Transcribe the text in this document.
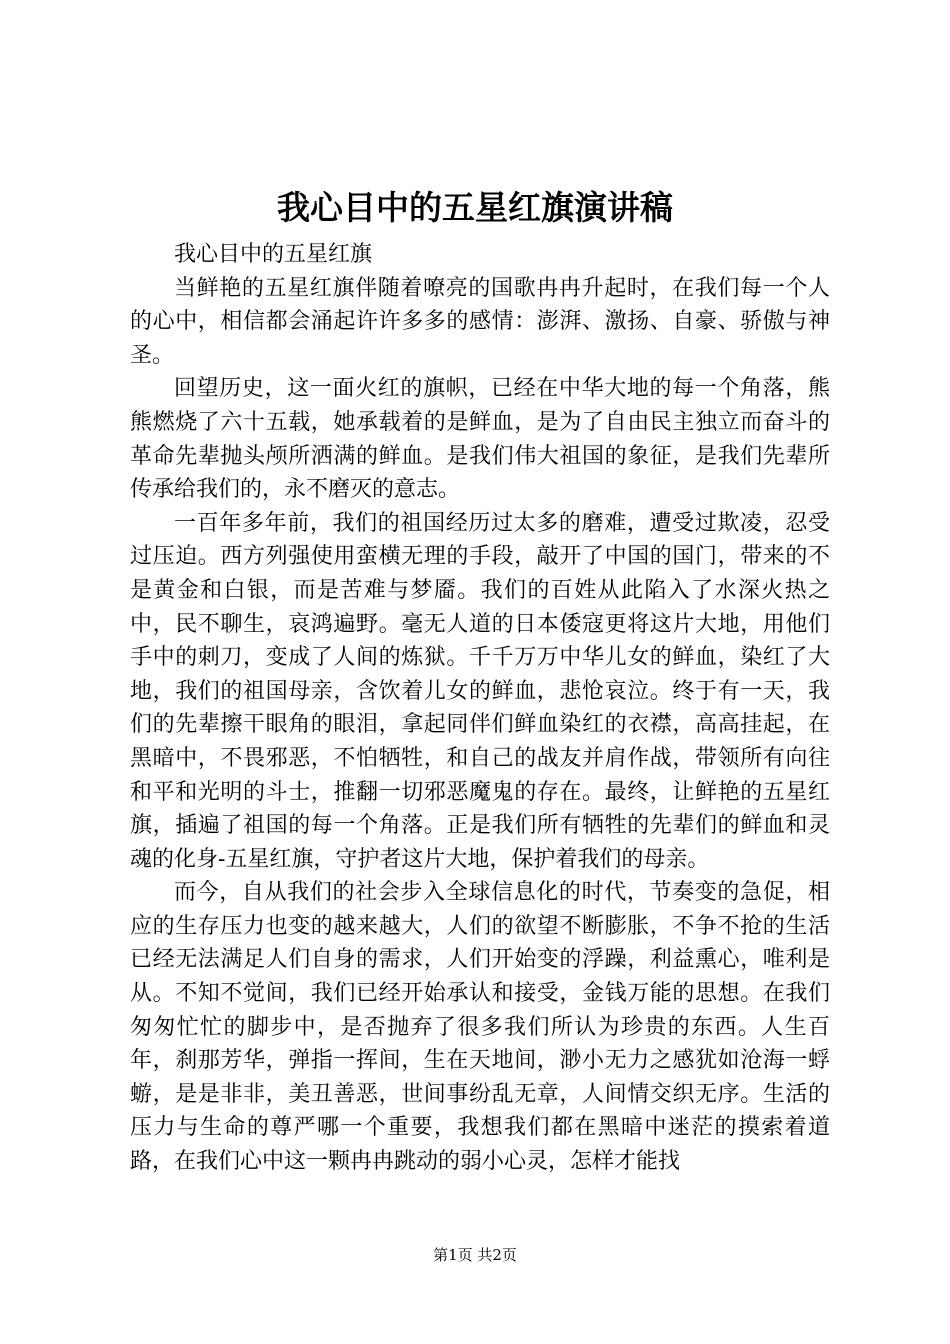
我心目中的五星红旗演讲稿

我心目中的五星红旗

当鲜艳的五星红旗伴随着嘹亮的国歌冉冉升起时，在我们每一个人的心中，相信都会涌起许许多多的感情：澎湃、激扬、自豪、骄傲与神圣。

回望历史，这一面火红的旗帜，已经在中华大地的每一个角落，熊熊燃烧了六十五载，她承载着的是鲜血，是为了自由民主独立而奋斗的革命先辈抛头颅所洒满的鲜血。是我们伟大祖国的象征，是我们先辈所传承给我们的，永不磨灭的意志。

一百年多年前，我们的祖国经历过太多的磨难，遭受过欺凌，忍受过压迫。西方列强使用蛮横无理的手段，敲开了中国的国门，带来的不是黄金和白银，而是苦难与梦靥。我们的百姓从此陷入了水深火热之中，民不聊生，哀鸿遍野。毫无人道的日本倭寇更将这片大地，用他们手中的刺刀，变成了人间的炼狱。千千万万中华儿女的鲜血，染红了大地，我们的祖国母亲，含饮着儿女的鲜血，悲怆哀泣。终于有一天，我们的先辈擦干眼角的眼泪，拿起同伴们鲜血染红的衣襟，高高挂起，在黑暗中，不畏邪恶，不怕牺牲，和自己的战友并肩作战，带领所有向往和平和光明的斗士，推翻一切邪恶魔鬼的存在。最终，让鲜艳的五星红旗，插遍了祖国的每一个角落。正是我们所有牺牲的先辈们的鲜血和灵魂的化身-五星红旗，守护者这片大地，保护着我们的母亲。

而今，自从我们的社会步入全球信息化的时代，节奏变的急促，相应的生存压力也变的越来越大，人们的欲望不断膨胀，不争不抢的生活已经无法满足人们自身的需求，人们开始变的浮躁，利益熏心，唯利是从。不知不觉间，我们已经开始承认和接受，金钱万能的思想。在我们匆匆忙忙的脚步中，是否抛弃了很多我们所认为珍贵的东西。人生百年，刹那芳华，弹指一挥间，生在天地间，渺小无力之感犹如沧海一蜉蝣，是是非非，美丑善恶，世间事纷乱无章，人间情交织无序。生活的压力与生命的尊严哪一个重要，我想我们都在黑暗中迷茫的摸索着道路，在我们心中这一颗冉冉跳动的弱小心灵，怎样才能找

第1页 共2页
